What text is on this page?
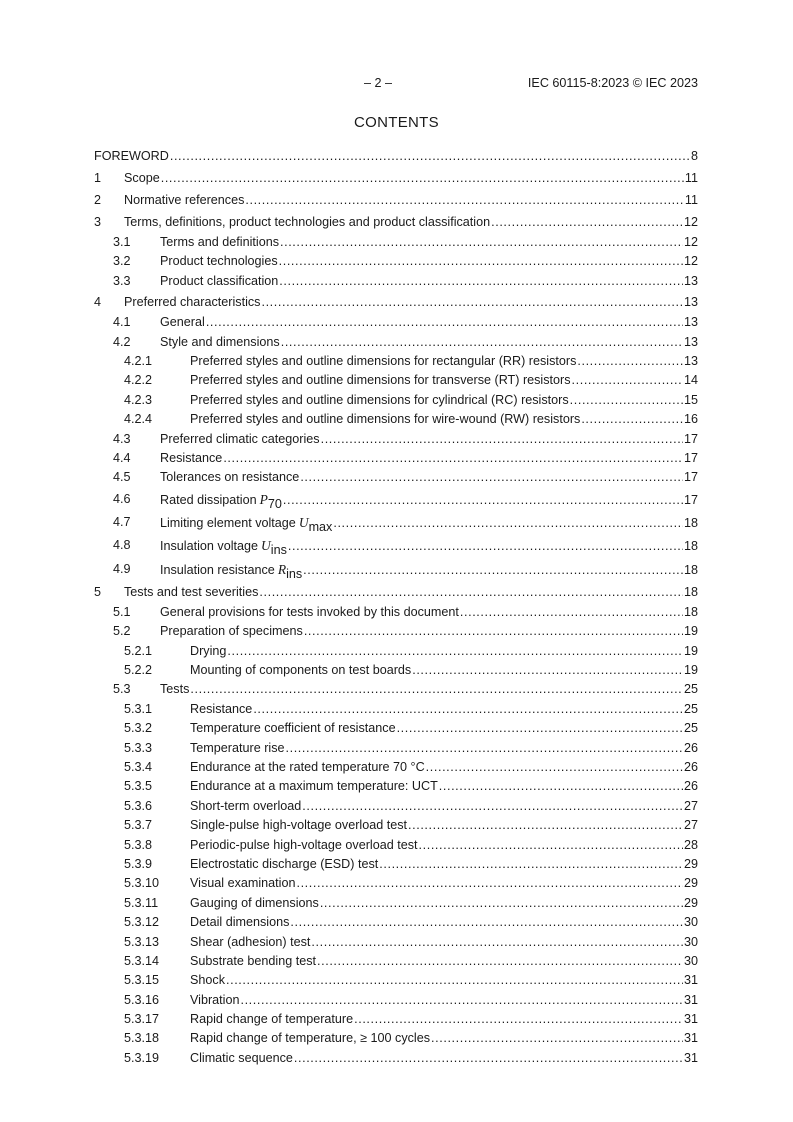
– 2 –	IEC 60115-8:2023 © IEC 2023
CONTENTS
FOREWORD .....	8
1 Scope .....	11
2 Normative references .....	11
3 Terms, definitions, product technologies and product classification .....	12
3.1 Terms and definitions .....	12
3.2 Product technologies .....	12
3.3 Product classification .....	13
4 Preferred characteristics .....	13
4.1 General .....	13
4.2 Style and dimensions .....	13
4.2.1	Preferred styles and outline dimensions for rectangular (RR) resistors .....	13
4.2.2	Preferred styles and outline dimensions for transverse (RT) resistors .....	14
4.2.3	Preferred styles and outline dimensions for cylindrical (RC) resistors .....	15
4.2.4	Preferred styles and outline dimensions for wire-wound (RW) resistors .....	16
4.3 Preferred climatic categories .....	17
4.4 Resistance .....	17
4.5 Tolerances on resistance .....	17
4.6 Rated dissipation P 70 .....	17
4.7 Limiting element voltage U max .....	18
4.8 Insulation voltage U ins .....	18
4.9 Insulation resistance R ins .....	18
5 Tests and test severities .....	18
5.1 General provisions for tests invoked by this document .....	18
5.2 Preparation of specimens .....	19
5.2.1	Drying .....	19
5.2.2	Mounting of components on test boards .....	19
5.3 Tests .....	25
5.3.1	Resistance .....	25
5.3.2	Temperature coefficient of resistance .....	25
5.3.3	Temperature rise .....	26
5.3.4	Endurance at the rated temperature 70 °C .....	26
5.3.5	Endurance at a maximum temperature: UCT .....	26
5.3.6	Short-term overload .....	27
5.3.7	Single-pulse high-voltage overload test .....	27
5.3.8	Periodic-pulse high-voltage overload test .....	28
5.3.9	Electrostatic discharge (ESD) test .....	29
5.3.10 Visual examination .....	29
5.3.11	Gauging of dimensions .....	29
5.3.12 Detail dimensions .....	30
5.3.13 Shear (adhesion) test .....	30
5.3.14 Substrate bending test .....	30
5.3.15 Shock .....	31
5.3.16 Vibration .....	31
5.3.17 Rapid change of temperature .....	31
5.3.18 Rapid change of temperature, ≥ 100 cycles .....	31
5.3.19 Climatic sequence .....	31
